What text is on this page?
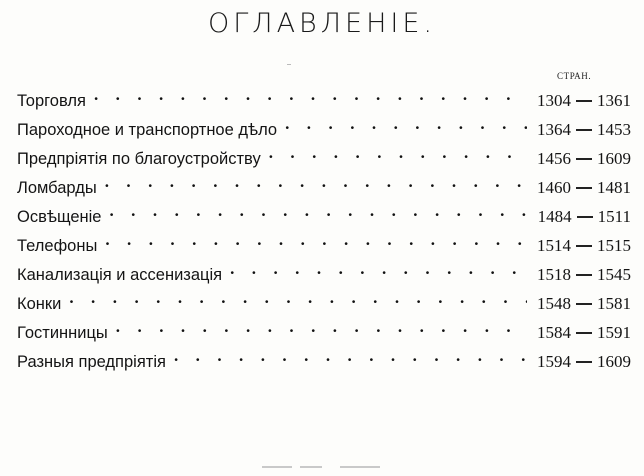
ОГЛАВЛЕНIЕ.
СТРАН.
Торговля . . .	1304 1361
Пароходное и транспортное дѣло . . .	1364 1453
Предпрiятiя по благоустройству . . .	1456 1609
Ломбарды . . .	1460 1481
Освѣщенiе . . .	1484 1511
Телефоны . . .	1514 1515
Канализацiя и ассенизацiя . . .	1518 1545
Конки . . .	1548 1581
Гостинницы . . .	1584 1591
Разныя предпрiятiя . . .	1594 1609
